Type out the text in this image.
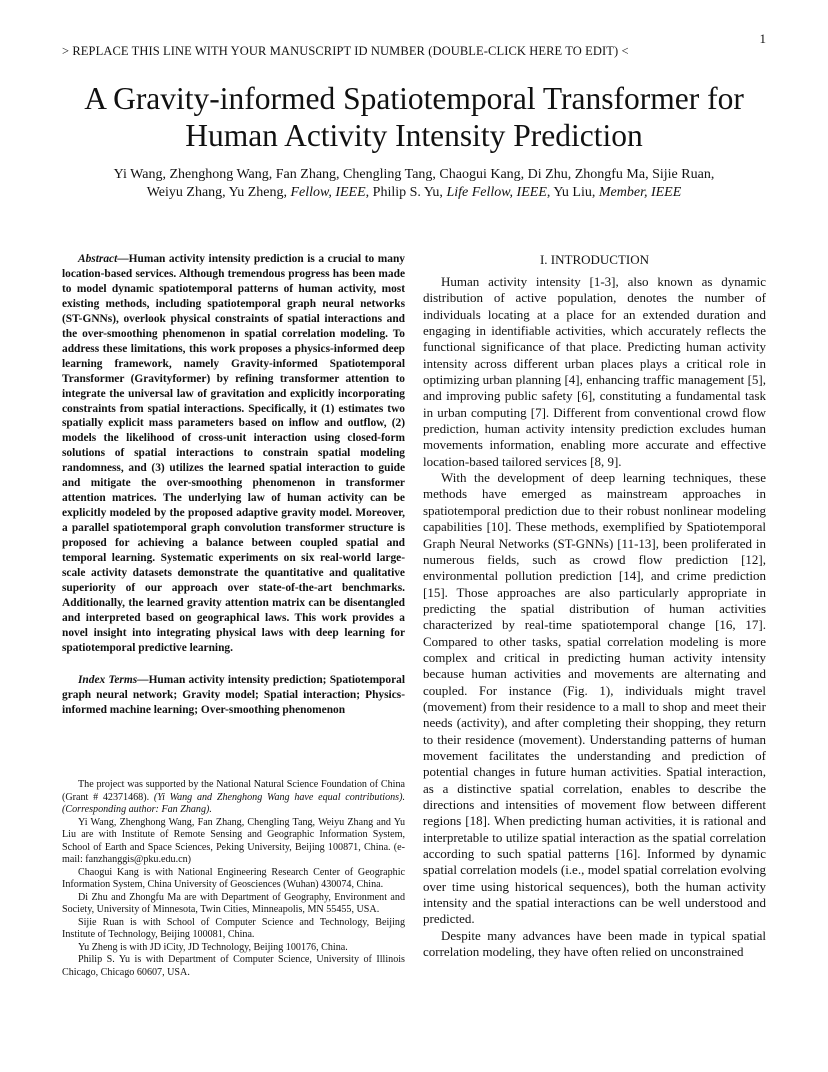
1
> REPLACE THIS LINE WITH YOUR MANUSCRIPT ID NUMBER (DOUBLE-CLICK HERE TO EDIT) <
A Gravity-informed Spatiotemporal Transformer for
Human Activity Intensity Prediction
Yi Wang, Zhenghong Wang, Fan Zhang, Chengling Tang, Chaogui Kang, Di Zhu, Zhongfu Ma, Sijie Ruan,
Weiyu Zhang, Yu Zheng, Fellow, IEEE, Philip S. Yu, Life Fellow, IEEE, Yu Liu, Member, IEEE

Abstract—Human activity intensity prediction is a crucial to many location-based services. Although tremendous progress has been made to model dynamic spatiotemporal patterns of human activity, most existing methods, including spatiotemporal graph neural networks (ST-GNNs), overlook physical constraints of spatial interactions and the over-smoothing phenomenon in spatial correlation modeling. To address these limitations, this work proposes a physics-informed deep learning framework, namely Gravity-informed Spatiotemporal Transformer (Gravityformer) by refining transformer attention to integrate the universal law of gravitation and explicitly incorporating constraints from spatial interactions. Specifically, it (1) estimates two spatially explicit mass parameters based on inflow and outflow, (2) models the likelihood of cross-unit interaction using closed-form solutions of spatial interactions to constrain spatial modeling randomness, and (3) utilizes the learned spatial interaction to guide and mitigate the over-smoothing phenomenon in transformer attention matrices. The underlying law of human activity can be explicitly modeled by the proposed adaptive gravity model. Moreover, a parallel spatiotemporal graph convolution transformer structure is proposed for achieving a balance between coupled spatial and temporal learning. Systematic experiments on six real-world large-scale activity datasets demonstrate the quantitative and qualitative superiority of our approach over state-of-the-art benchmarks. Additionally, the learned gravity attention matrix can be disentangled and interpreted based on geographical laws. This work provides a novel insight into integrating physical laws with deep learning for spatiotemporal predictive learning.

Index Terms—Human activity intensity prediction; Spatiotemporal graph neural network; Gravity model; Spatial interaction; Physics-informed machine learning; Over-smoothing phenomenon

The project was supported by the National Natural Science Foundation of China (Grant # 42371468). (Yi Wang and Zhenghong Wang have equal contributions). (Corresponding author: Fan Zhang).

Yi Wang, Zhenghong Wang, Fan Zhang, Chengling Tang, Weiyu Zhang and Yu Liu are with Institute of Remote Sensing and Geographic Information System, School of Earth and Space Sciences, Peking University, Beijing 100871, China. (e-mail: fanzhanggis@pku.edu.cn)

Chaogui Kang is with National Engineering Research Center of Geographic Information System, China University of Geosciences (Wuhan) 430074, China.

Di Zhu and Zhongfu Ma are with Department of Geography, Environment and Society, University of Minnesota, Twin Cities, Minneapolis, MN 55455, USA.

Sijie Ruan is with School of Computer Science and Technology, Beijing Institute of Technology, Beijing 100081, China.

Yu Zheng is with JD iCity, JD Technology, Beijing 100176, China.

Philip S. Yu is with Department of Computer Science, University of Illinois Chicago, Chicago 60607, USA.

I. INTRODUCTION

Human activity intensity [1-3], also known as dynamic distribution of active population, denotes the number of individuals locating at a place for an extended duration and engaging in identifiable activities, which accurately reflects the functional significance of that place. Predicting human activity intensity across different urban places plays a critical role in optimizing urban planning [4], enhancing traffic management [5], and improving public safety [6], constituting a fundamental task in urban computing [7]. Different from conventional crowd flow prediction, human activity intensity prediction excludes human movements information, enabling more accurate and effective location-based tailored services [8, 9].

With the development of deep learning techniques, these methods have emerged as mainstream approaches in spatiotemporal prediction due to their robust nonlinear modeling capabilities [10]. These methods, exemplified by Spatiotemporal Graph Neural Networks (ST-GNNs) [11-13], been proliferated in numerous fields, such as crowd flow prediction [12], environmental pollution prediction [14], and crime prediction [15]. Those approaches are also particularly appropriate in predicting the spatial distribution of human activities characterized by real-time spatiotemporal change [16, 17]. Compared to other tasks, spatial correlation modeling is more complex and critical in predicting human activity intensity because human activities and movements are alternating and coupled. For instance (Fig. 1), individuals might travel (movement) from their residence to a mall to shop and meet their needs (activity), and after completing their shopping, they return to their residence (movement). Understanding patterns of human movement facilitates the understanding and prediction of potential changes in future human activities. Spatial interaction, as a distinctive spatial correlation, enables to describe the directions and intensities of movement flow between different regions [18]. When predicting human activities, it is rational and interpretable to utilize spatial interaction as the spatial correlation according to such spatial patterns [16]. Informed by dynamic spatial correlation models (i.e., model spatial correlation evolving over time using historical sequences), both the human activity intensity and the spatial interactions can be well understood and predicted.

Despite many advances have been made in typical spatial correlation modeling, they have often relied on unconstrained
